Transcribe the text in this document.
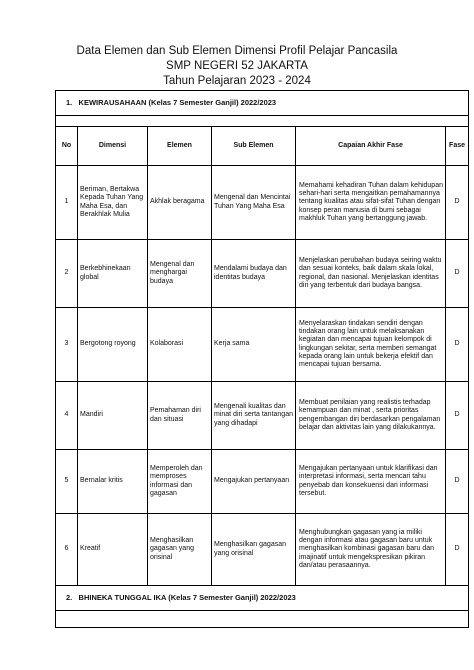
Data Elemen dan Sub Elemen Dimensi Profil Pelajar Pancasila
SMP NEGERI 52 JAKARTA
Tahun Pelajaran 2023 - 2024
1. KEWIRAUSAHAAN (Kelas 7 Semester Ganjil) 2022/2023					

No	Dimensi	Elemen	Sub Elemen	Capaian Akhir Fase	Fase
1	Beriman, Bertakwa Kepada Tuhan Yang Maha Esa, dan Berakhlak Mulia	Akhlak beragama	Mengenal dan Mencintai Tuhan Yang Maha Esa	Memahami kehadiran Tuhan dalam kehidupan sehari-hari serta mengaitkan pemahamannya tentang kualitas atau sifat-sifat Tuhan dengan konsep peran manusia di bumi sebagai makhluk Tuhan yang bertanggung jawab.	D
2	Berkebhinekaan global	Mengenal dan menghargai budaya	Mendalami budaya dan identitas budaya	Menjelaskan perubahan budaya seiring waktu dan sesuai konteks, baik dalam skala lokal, regional, dan nasional. Menjelaskan identitas diri yang terbentuk dari budaya bangsa.	D
3	Bergotong royong	Kolaborasi	Kerja sama	Menyelaraskan tindakan sendiri dengan tindakan orang lain untuk melaksanakan kegiatan dan mencapai tujuan kelompok di lingkungan sekitar, serta memberi semangat kepada orang lain untuk bekerja efektif dan mencapai tujuan bersama.	D
4	Mandiri	Pemahaman diri dan situasi	Mengenali kualitas dan minat diri serta tantangan yang dihadapi	Membuat penilaian yang realistis terhadap kemampuan dan minat , serta prioritas pengembangan diri berdasarkan pengalaman belajar dan aktivitas lain yang dilakukannya.	D
5	Bernalar kritis	Memperoleh dan memproses informasi dan gagasan	Mengajukan pertanyaan	Mengajukan pertanyaan untuk klarifikasi dan interpretasi informasi, serta mencari tahu penyebab dan konsekuensi dari informasi tersebut.	D
6	Kreatif	Menghasilkan gagasan yang orisinal	Menghasilkan gagasan yang orisinal	Menghubungkan gagasan yang ia miliki dengan informasi atau gagasan baru untuk menghasilkan kombinasi gagasan baru dan imajinatif untuk mengekspresikan pikiran dan/atau perasaannya.	D
2. BHINEKA TUNGGAL IKA (Kelas 7 Semester Ganjil) 2022/2023					
